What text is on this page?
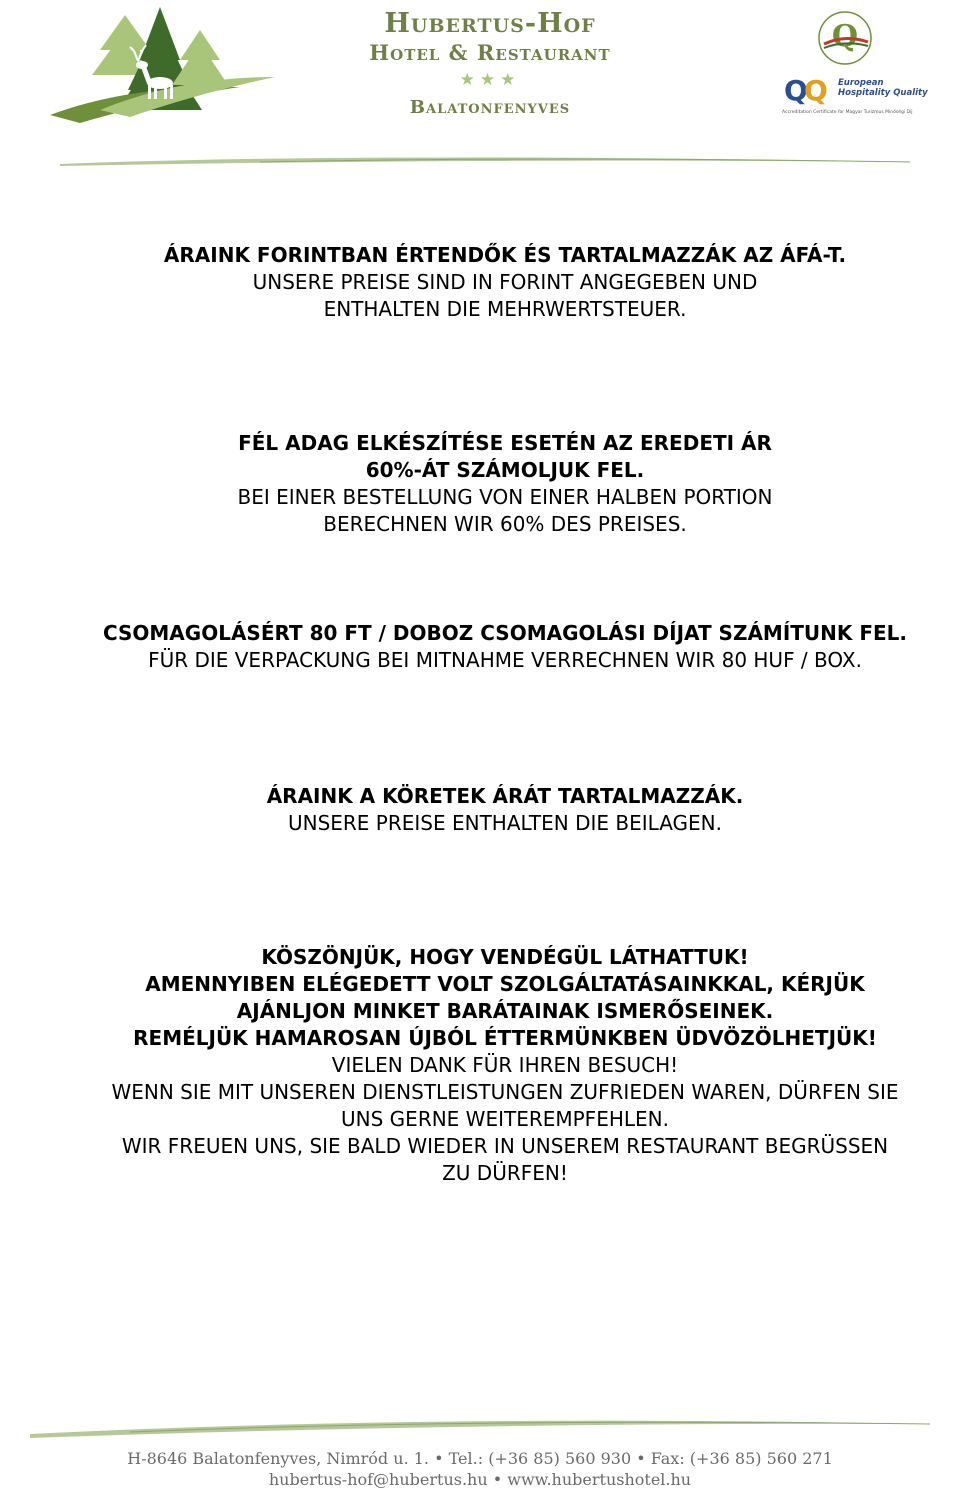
Hubertus-Hof
Hotel & Restaurant
★★★
Balatonfenyves
Q
Q
Q European
Hospitality Quality
Accreditation Certificate for Magyar Turizmus Minőségi Díj
ÁRAINK FORINTBAN ÉRTENDŐK ÉS TARTALMAZZÁK AZ ÁFÁ-T.
UNSERE PREISE SIND IN FORINT ANGEGEBEN UND
ENTHALTEN DIE MEHRWERTSTEUER.
FÉL ADAG ELKÉSZÍTÉSE ESETÉN AZ EREDETI ÁR
60%-ÁT SZÁMOLJUK FEL.
BEI EINER BESTELLUNG VON EINER HALBEN PORTION
BERECHNEN WIR 60% DES PREISES.
CSOMAGOLÁSÉRT 80 FT / DOBOZ CSOMAGOLÁSI DÍJAT SZÁMÍTUNK FEL.
FÜR DIE VERPACKUNG BEI MITNAHME VERRECHNEN WIR 80 HUF / BOX.
ÁRAINK A KÖRETEK ÁRÁT TARTALMAZZÁK.
UNSERE PREISE ENTHALTEN DIE BEILAGEN.
KÖSZÖNJÜK, HOGY VENDÉGÜL LÁTHATTUK!
AMENNYIBEN ELÉGEDETT VOLT SZOLGÁLTATÁSAINKKAL, KÉRJÜK
AJÁNLJON MINKET BARÁTAINAK ISMERŐSEINEK.
REMÉLJÜK HAMAROSAN ÚJBÓL ÉTTERMÜNKBEN ÜDVÖZÖLHETJÜK!
VIELEN DANK FÜR IHREN BESUCH!
WENN SIE MIT UNSEREN DIENSTLEISTUNGEN ZUFRIEDEN WAREN, DÜRFEN SIE
UNS GERNE WEITEREMPFEHLEN.
WIR FREUEN UNS, SIE BALD WIEDER IN UNSEREM RESTAURANT BEGRÜSSEN
ZU DÜRFEN!
H-8646 Balatonfenyves, Nimród u. 1. • Tel.: (+36 85) 560 930 • Fax: (+36 85) 560 271
hubertus-hof@hubertus.hu • www.hubertushotel.hu
